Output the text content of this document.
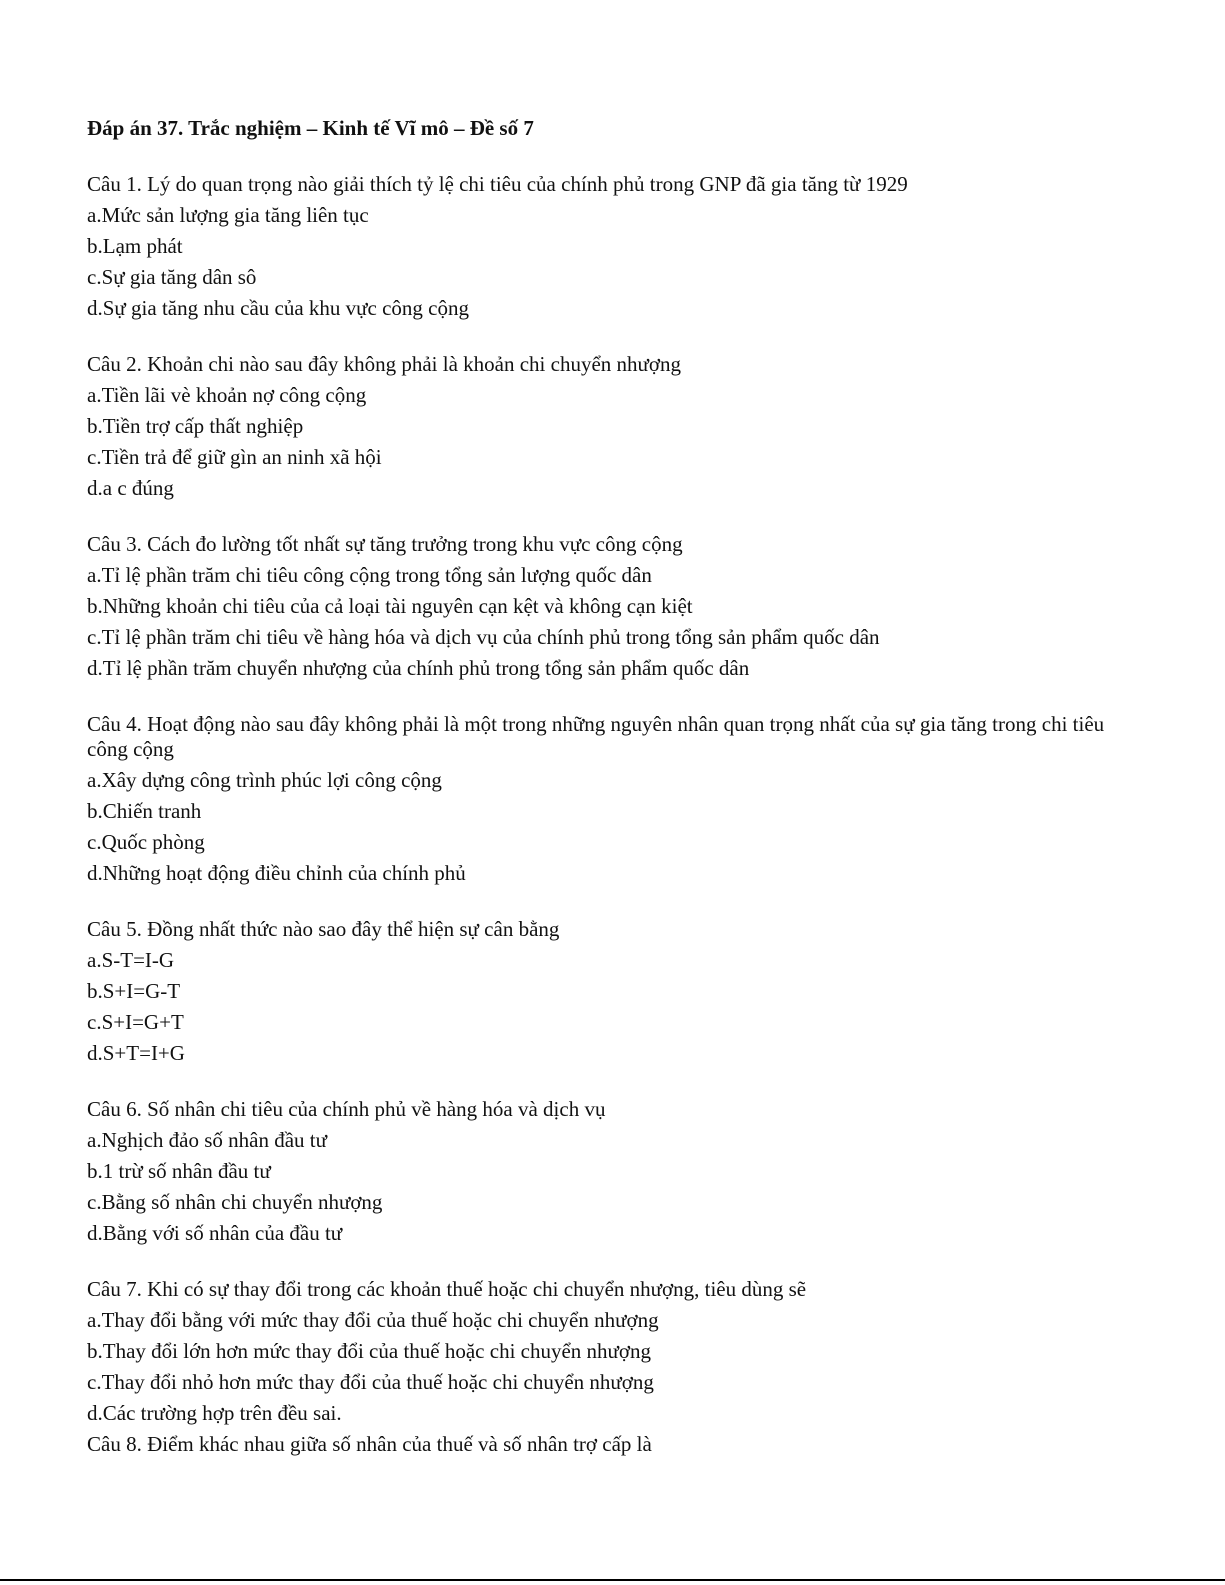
Đáp án 37. Trắc nghiệm – Kinh tế Vĩ mô – Đề số 7
Câu 1. Lý do quan trọng nào giải thích tỷ lệ chi tiêu của chính phủ trong GNP đã gia tăng từ 1929
a.Mức sản lượng gia tăng liên tục
b.Lạm phát
c.Sự gia tăng dân sô
d.Sự gia tăng nhu cầu của khu vực công cộng
Câu 2. Khoản chi nào sau đây không phải là khoản chi chuyển nhượng
a.Tiền lãi vè khoản nợ công cộng
b.Tiền trợ cấp thất nghiệp
c.Tiền trả để giữ gìn an ninh xã hội
d.a c đúng
Câu 3. Cách đo lường tốt nhất sự tăng trưởng trong khu vực công cộng
a.Tỉ lệ phần trăm chi tiêu công cộng trong tổng sản lượng quốc dân
b.Những khoản chi tiêu của cả loại tài nguyên cạn kệt và không cạn kiệt
c.Tỉ lệ phần trăm chi tiêu về hàng hóa và dịch vụ của chính phủ trong tổng sản phẩm quốc dân
d.Tỉ lệ phần trăm chuyển nhượng của chính phủ trong tổng sản phẩm quốc dân
Câu 4. Hoạt động nào sau đây không phải là một trong những nguyên nhân quan trọng nhất của sự gia tăng trong chi tiêu công cộng
a.Xây dựng công trình phúc lợi công cộng
b.Chiến tranh
c.Quốc phòng
d.Những hoạt động điều chỉnh của chính phủ
Câu 5. Đồng nhất thức nào sao đây thể hiện sự cân bằng
a.S-T=I-G
b.S+I=G-T
c.S+I=G+T
d.S+T=I+G
Câu 6. Số nhân chi tiêu của chính phủ về hàng hóa và dịch vụ
a.Nghịch đảo số nhân đầu tư
b.1 trừ số nhân đầu tư
c.Bằng số nhân chi chuyển nhượng
d.Bằng với số nhân của đầu tư
Câu 7. Khi có sự thay đổi trong các khoản thuế hoặc chi chuyển nhượng, tiêu dùng sẽ
a.Thay đổi bằng với mức thay đổi của thuế hoặc chi chuyển nhượng
b.Thay đổi lớn hơn mức thay đổi của thuế hoặc chi chuyển nhượng
c.Thay đổi nhỏ hơn mức thay đổi của thuế hoặc chi chuyển nhượng
d.Các trường hợp trên đều sai.
Câu 8. Điểm khác nhau giữa số nhân của thuế và số nhân trợ cấp là
